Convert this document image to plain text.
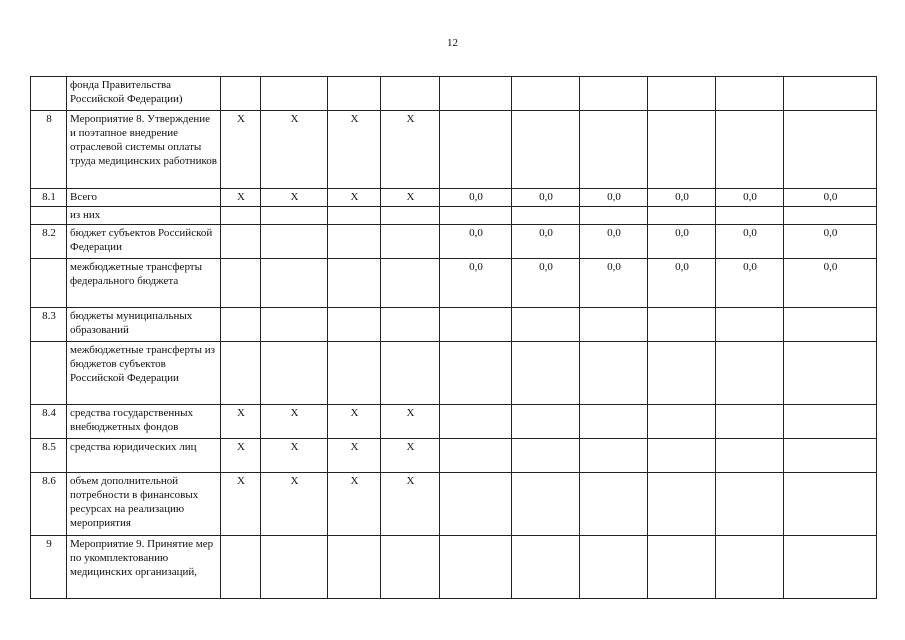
12
	фонда Правительства Российской Федерации)										
8	Мероприятие 8. Утверждение и поэтапное внедрение отраслевой системы оплаты труда медицинских работников	Х	Х	Х	Х						
8.1	Всего	Х	Х	Х	Х	0,0	0,0	0,0	0,0	0,0	0,0
	из них										
8.2	бюджет субъектов Российской Федерации					0,0	0,0	0,0	0,0	0,0	0,0
	межбюджетные трансферты федерального бюджета					0,0	0,0	0,0	0,0	0,0	0,0
8.3	бюджеты муниципальных образований										
	межбюджетные трансферты из бюджетов субъектов Российской Федерации										
8.4	средства государственных внебюджетных фондов	Х	Х	Х	Х						
8.5	средства юридических лиц	Х	Х	Х	Х						
8.6	объем дополнительной потребности в финансовых ресурсах на реализацию мероприятия	Х	Х	Х	Х						
9	Мероприятие 9. Принятие мер по укомплектованию медицинских организаций,										
